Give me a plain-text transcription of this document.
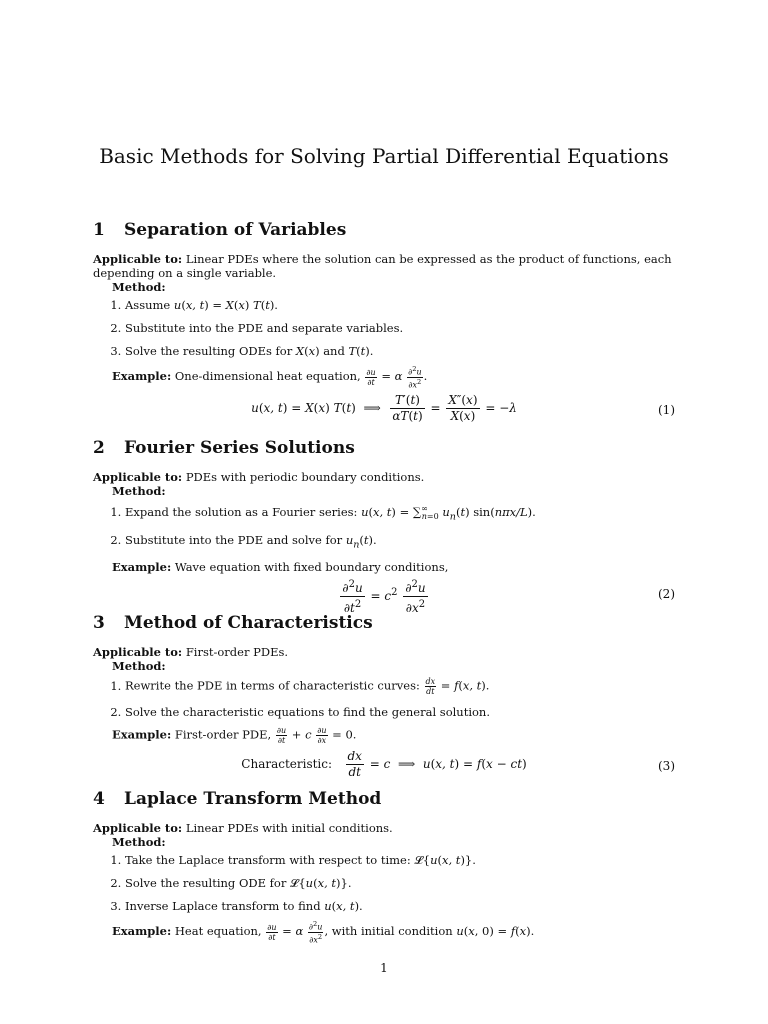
Basic Methods for Solving Partial Differential Equations
1 Separation of Variables

Applicable to: Linear PDEs where the solution can be expressed as the product of functions, each depending on a single variable.

Method:

1. Assume u(x, t) = X(x) T(t).
2. Substitute into the PDE and separate variables.
3. Solve the resulting ODEs for X(x) and T(t).

Example: One-dimensional heat equation, $\frac{\partial u}{\partial t} = \alpha \frac{\partial^2u}{\partial x^2}$ .

u(x, t) = X(x) T(t)  ⟹ $\frac{T'(t)}{\alpha T(t)} = \frac{X''(x)}{X(x)} = -\lambda$	(1)
2 Fourier Series Solutions

Applicable to: PDEs with periodic boundary conditions.

Method:

1. Expand the solution as a Fourier series: u(x, $t) = \sum^\infty_{n=0}$ $u_n(t)$ sin(nπx/L).
2. Substitute into the PDE and solve for $u_n(t)$.

Example: Wave equation with fixed boundary conditions,

$\frac{\partial^2u}{\partial t^2} = c^2 \frac{\partial^2u}{\partial x^2}$	(2)
3 Method of Characteristics

Applicable to: First-order PDEs.

Method:

1. Rewrite the PDE in terms of characteristic curves: $\frac{dx}{dt} = f(x$, t).
2. Solve the characteristic equations to find the general solution.

Example: First-order PDE, $\frac{\partial u}{\partial t} + c \frac{\partial u}{\partial x} = 0$.

Characteristic: $\frac{dx}{dt} = c$  ⟹  u(x, t) = f(x − ct)	(3)
4 Laplace Transform Method

Applicable to: Linear PDEs with initial conditions.

Method:

1. Take the Laplace transform with respect to time: 𝓛{u(x, t)}.
2. Solve the resulting ODE for 𝓛{u(x, t)}.
3. Inverse Laplace transform to find u(x, t).

Example: Heat equation, $\frac{\partial u}{\partial t} = \alpha \frac{\partial^2u}{\partial x^2}$ , with initial condition u(x, 0) = f(x).

1
